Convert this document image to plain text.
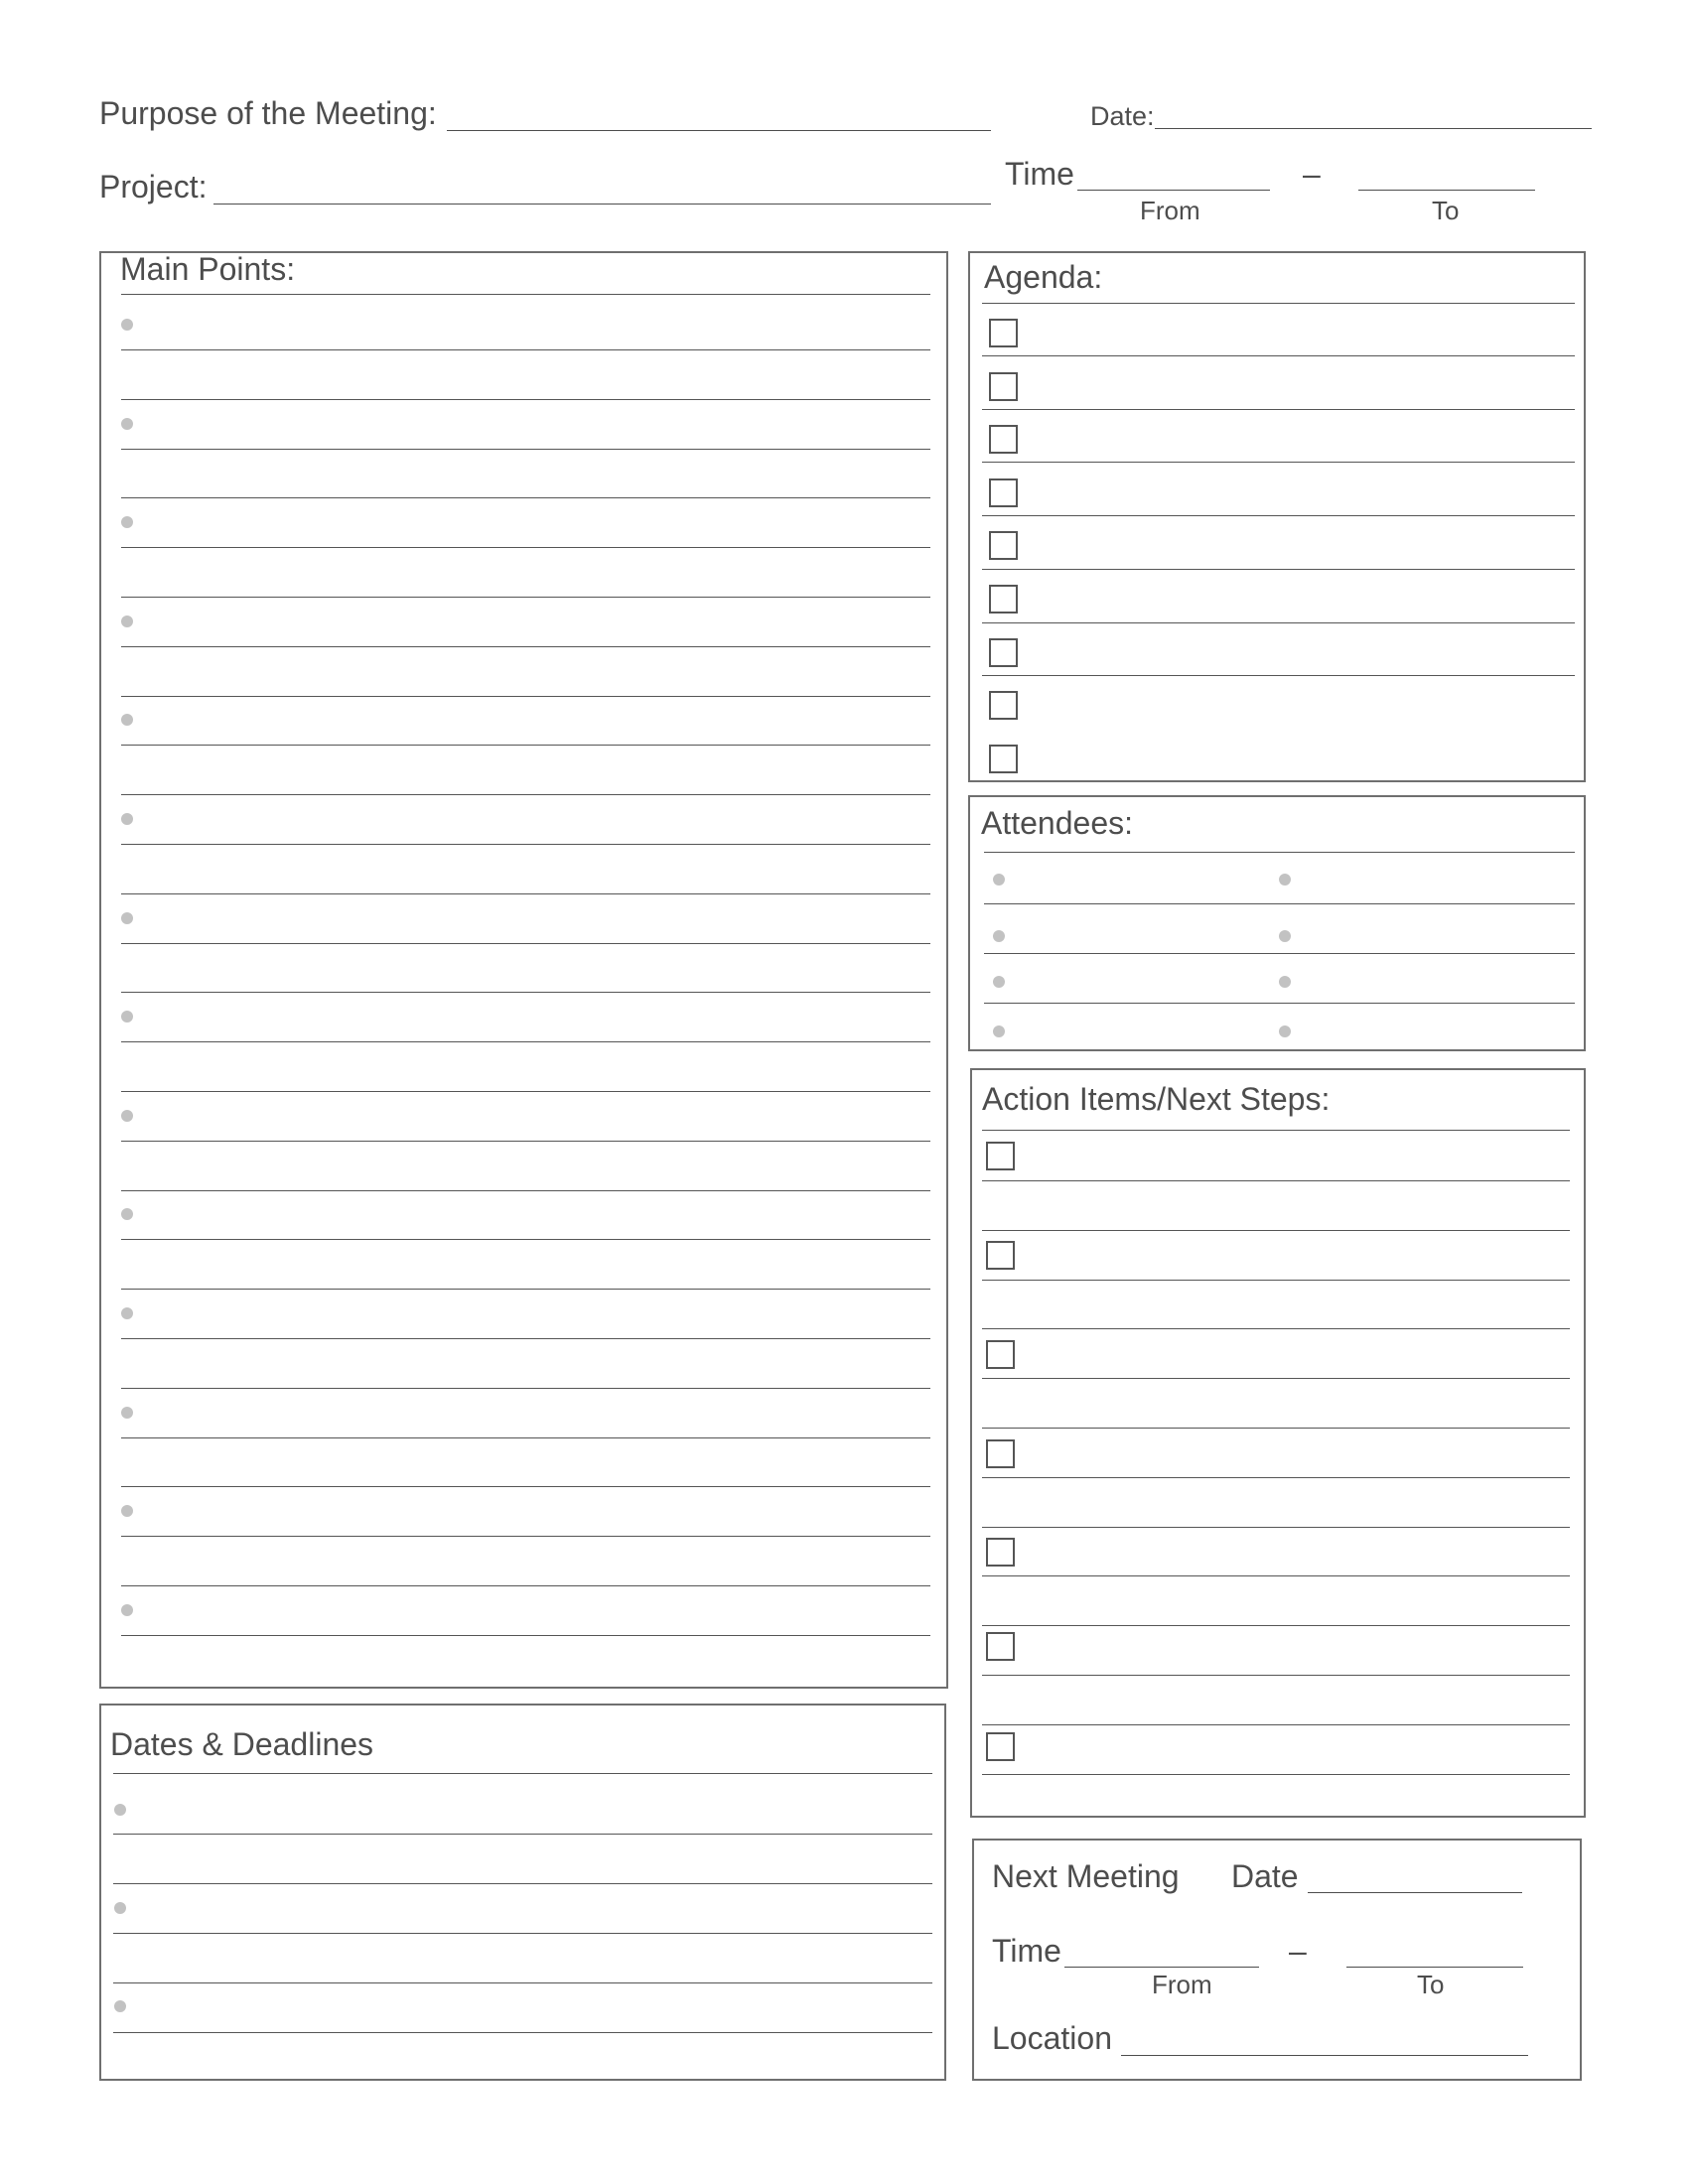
Purpose of the Meeting:	Date:
Project:	Time	–
From	To
Main Points:	Agenda:
Attendees:
Action Items/Next Steps:
Dates & Deadlines
Next Meeting Date
Time	–
From	To
Location
